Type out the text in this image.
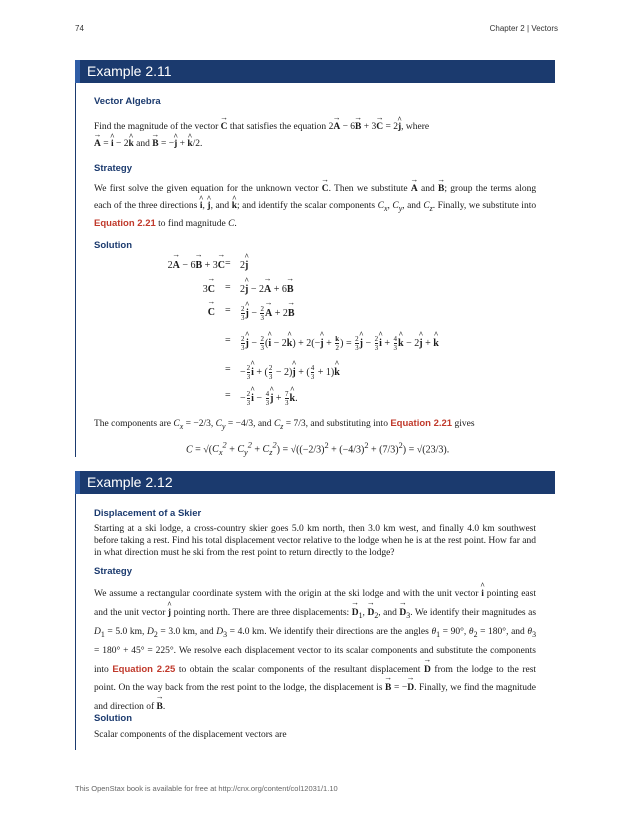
74	Chapter 2 | Vectors
Example 2.11
Vector Algebra
Find the magnitude of the vector → C that satisfies the equation 2→ A − 6→ B + 3→ C = 2^ j, where
→ A = ^ i − 2^ k and → B = −^ j + ^ k/2.
Strategy
We first solve the given equation for the unknown vector → C. Then we substitute → A and → B; group the terms along each of the three directions ^ i, ^ j, and ^ k; and identify the scalar components $C_x$, $C_y$, and $C_z$. Finally, we substitute into Equation 2.21 to find magnitude C.
Solution
2→ A − 6→ B + 3→ C = 2^ j
3→ C = 2^ j − 2→ A + 6→ B
→ $C = \frac{2}{3}$
^ $j - \frac{2}{3}$
→ A + 2→ B
= $\frac{2}{3}$
^ $j - \frac{2}{3}$ (^ i − 2^ k) + 2(−^ $j + \frac{k}{2}$ ) = $\frac{2}{3}$
^ $j - \frac{2}{3}$
^ $i + \frac{4}{3}$
^ k − 2^ j + ^ k
= − $\frac{2}{3}$
^ i + ( $\frac{2}{3}$ − 2)^ j + ( $\frac{4}{3}$ + 1)^ k
= − $\frac{2}{3}$
^ $i - \frac{4}{3}$
^ $j + \frac{7}{3}$
^ k.
The components are $C_x = -2/3$, $C_y = -4/3$, and $C_z = 7/3$, and substituting into Equation 2.21 gives
$C = √(C_x^2 + C_y^2 + C_z^2) = √((-2/3)^2 + (-4/3)^2 + (7/3)^2) = √(23/3)$.
Example 2.12
Displacement of a Skier
Starting at a ski lodge, a cross-country skier goes 5.0 km north, then 3.0 km west, and finally 4.0 km southwest before taking a rest. Find his total displacement vector relative to the lodge when he is at the rest point. How far and in what direction must he ski from the rest point to return directly to the lodge?
Strategy
We assume a rectangular coordinate system with the origin at the ski lodge and with the unit vector ^ i pointing east and the unit vector ^ j pointing north. There are three displacements: → $D_1$, → $D_2$, and → $D_3$. We identify their magnitudes as $D_1 = 5.0$ km, $D_2 = 3.0$ km, and $D_3 = 4.0$ km. We identify their directions are the angles $\theta_1 = 90^\circ$, $\theta_2 = 180^\circ$, and $\theta_3 = 180^\circ + 45^\circ = 225^\circ$. We resolve each displacement vector to its scalar components and substitute the components into Equation 2.25 to obtain the scalar components of the resultant displacement → D from the lodge to the rest point. On the way back from the rest point to the lodge, the displacement is → B = −→ D. Finally, we find the magnitude and direction of → B.
Solution
Scalar components of the displacement vectors are
This OpenStax book is available for free at http://cnx.org/content/col12031/1.10
